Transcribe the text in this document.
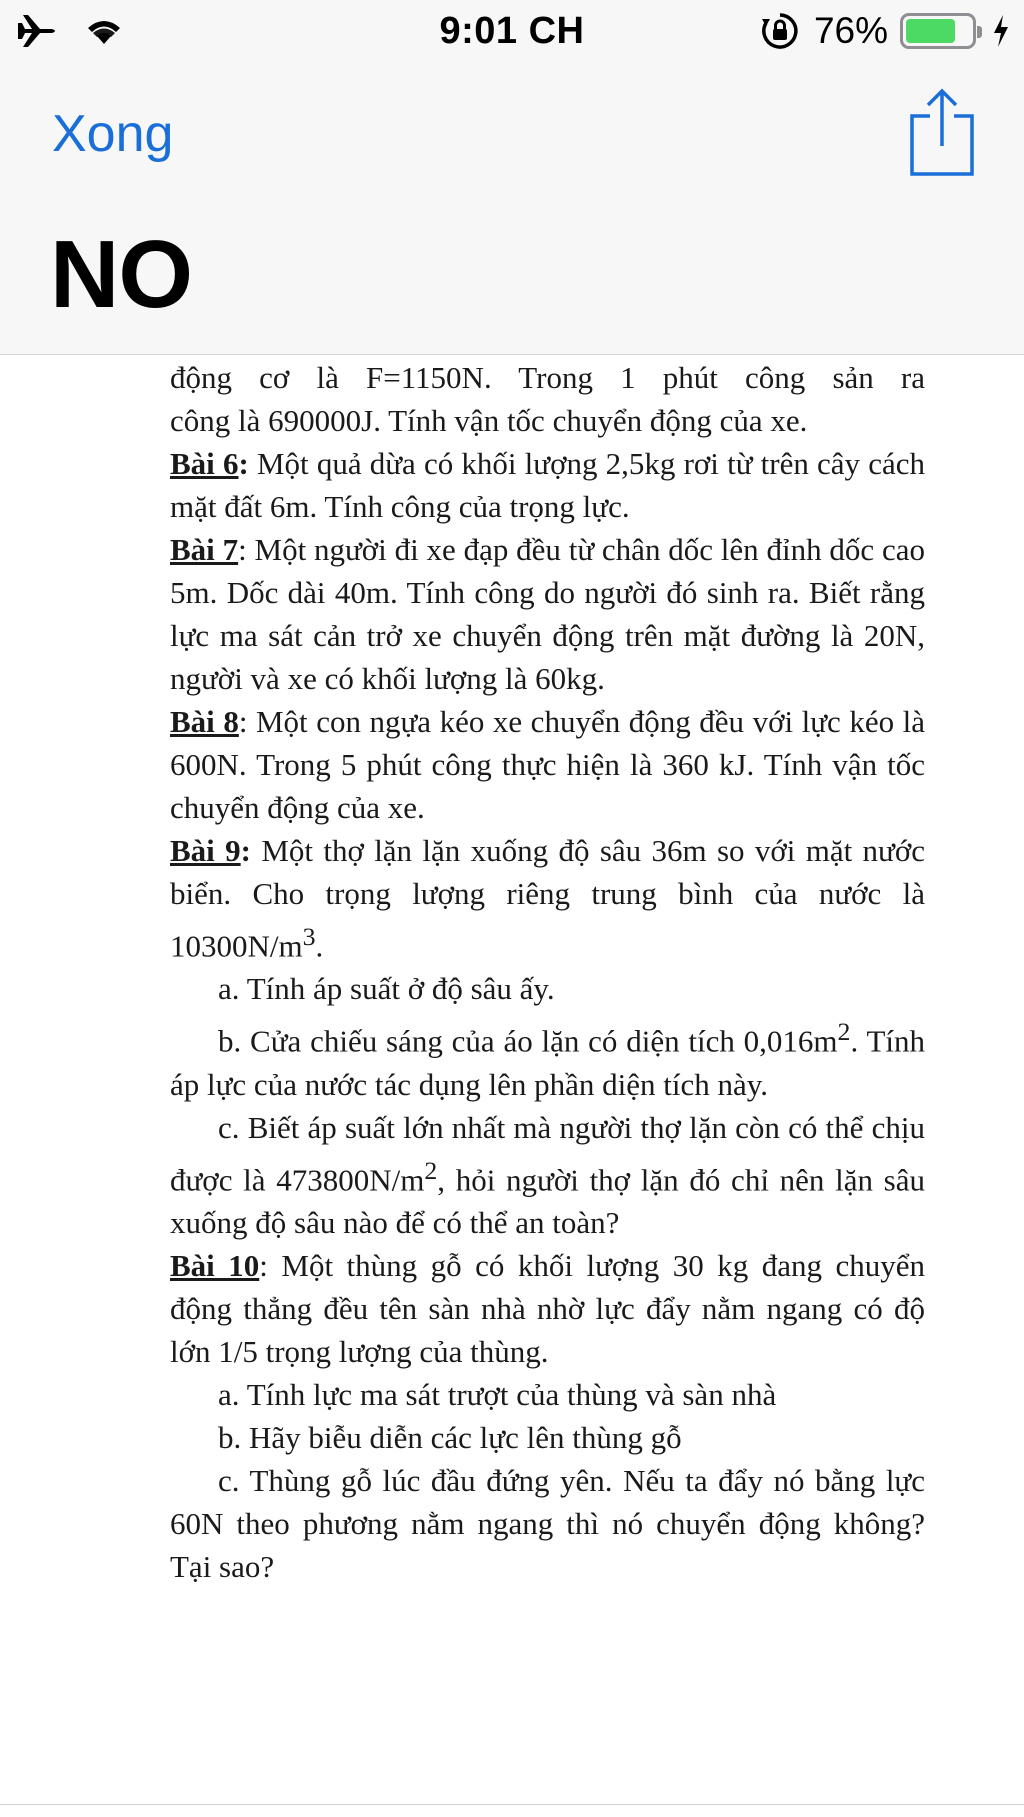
9:01 CH	76%
Xong
NO

động cơ là F=1150N. Trong 1 phút công sản ra

công là 690000J. Tính vận tốc chuyển động của xe.

Bài 6: Một quả dừa có khối lượng 2,5kg rơi từ trên cây cách mặt đất 6m. Tính công của trọng lực.

Bài 7: Một người đi xe đạp đều từ chân dốc lên đỉnh dốc cao 5m. Dốc dài 40m. Tính công do người đó sinh ra. Biết rằng lực ma sát cản trở xe chuyển động trên mặt đường là 20N, người và xe có khối lượng là 60kg.

Bài 8: Một con ngựa kéo xe chuyển động đều với lực kéo là 600N. Trong 5 phút công thực hiện là 360 kJ. Tính vận tốc chuyển động của xe.

Bài 9: Một thợ lặn lặn xuống độ sâu 36m so với mặt nước biển. Cho trọng lượng riêng trung bình của nước là $10300N/m^3$.

a. Tính áp suất ở độ sâu ấy.

b. Cửa chiếu sáng của áo lặn có diện tích $0,016m^2$. Tính áp lực của nước tác dụng lên phần diện tích này.

c. Biết áp suất lớn nhất mà người thợ lặn còn có thể chịu được là $473800N/m^2$, hỏi người thợ lặn đó chỉ nên lặn sâu xuống độ sâu nào để có thể an toàn?

Bài 10: Một thùng gỗ có khối lượng 30 kg đang chuyển động thẳng đều tên sàn nhà nhờ lực đẩy nằm ngang có độ lớn 1/5 trọng lượng của thùng.

a. Tính lực ma sát trượt của thùng và sàn nhà

b. Hãy biễu diễn các lực lên thùng gỗ

c. Thùng gỗ lúc đầu đứng yên. Nếu ta đẩy nó bằng lực 60N theo phương nằm ngang thì nó chuyển động không? Tại sao?
